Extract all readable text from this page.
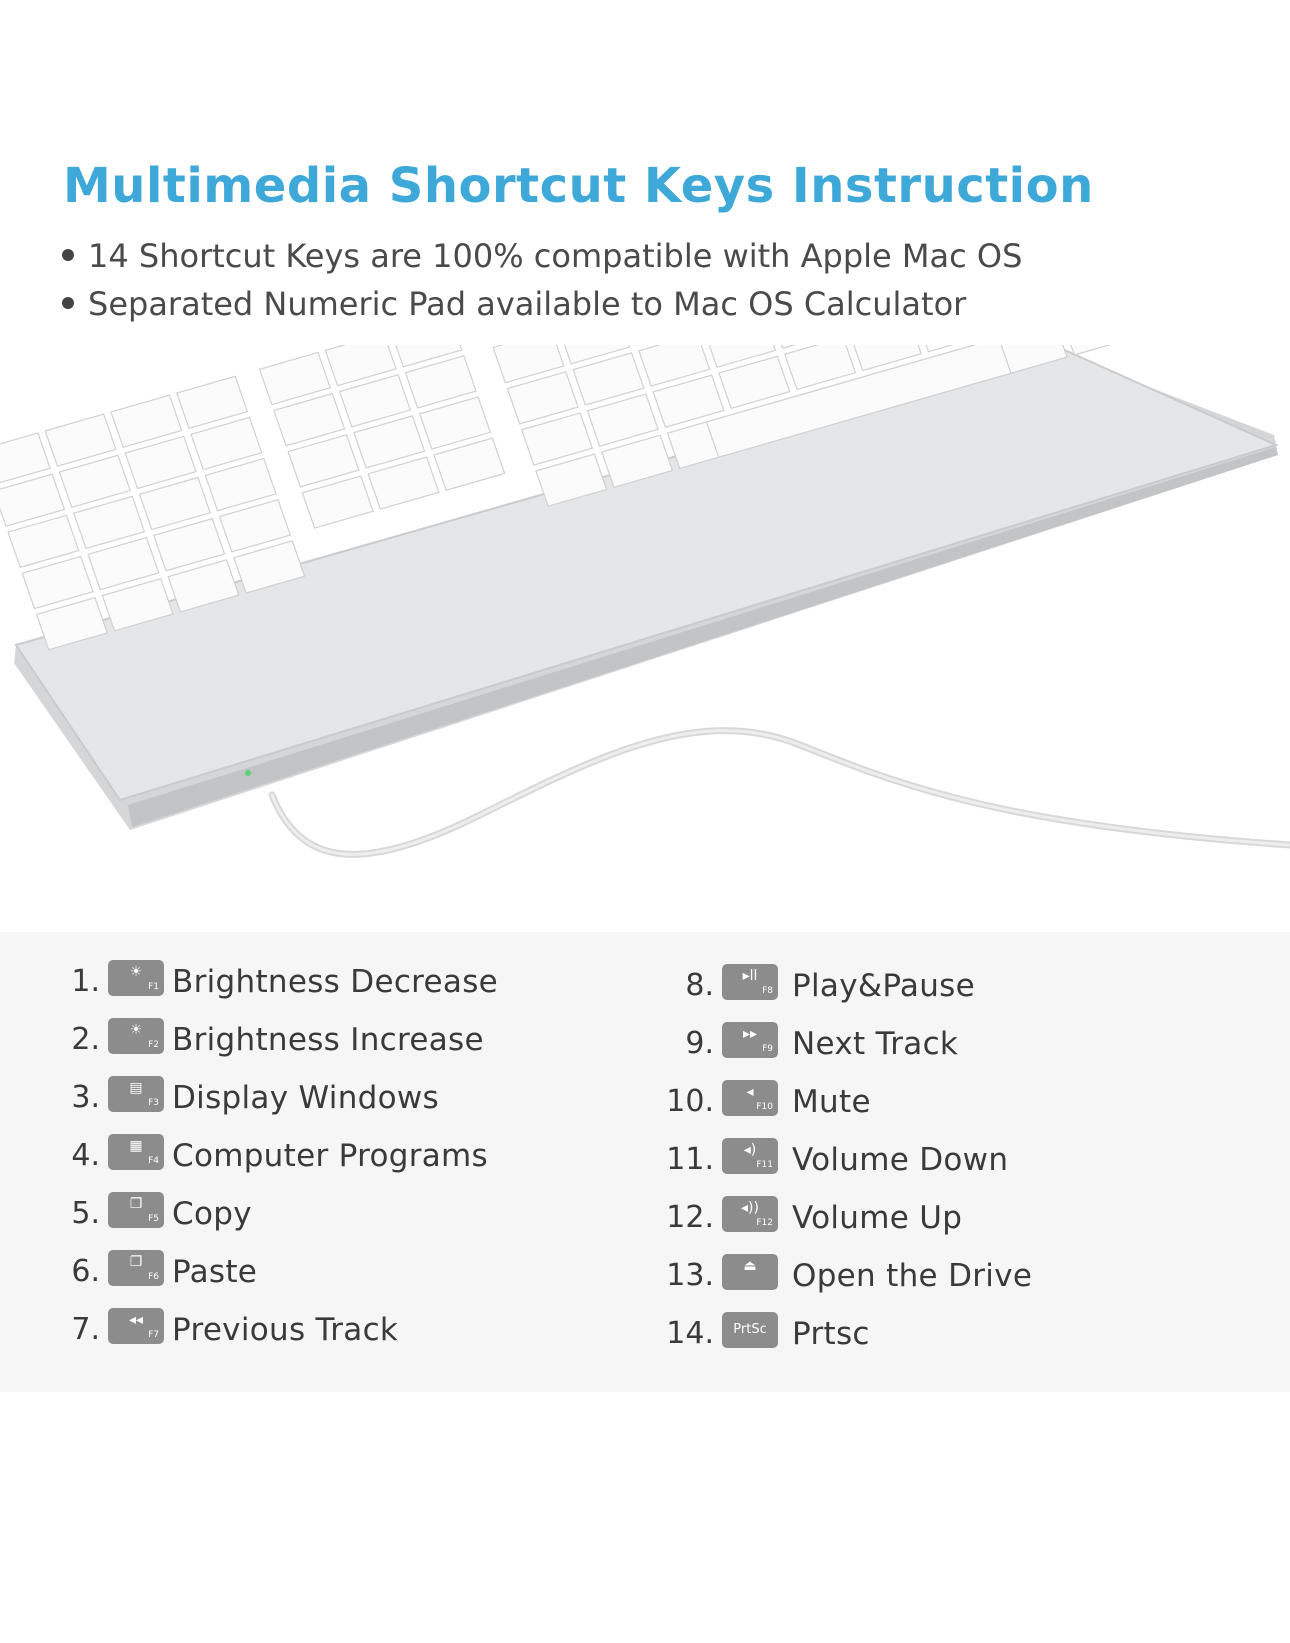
Multimedia Shortcut Keys Instruction
14 Shortcut Keys are 100% compatible with Apple Mac OS
Separated Numeric Pad available to Mac OS Calculator
1.	☀
F1 Brightness Decrease
2.	☀
F2 Brightness Increase
3.	▤
F3 Display Windows
4.	▦
F4 Computer Programs
5.	❐
F5 Copy
6.	❐
F6 Paste
7.	◂◂
F7 Previous Track
8.	▸ll
F8 Play&Pause
9.	▸▸
F9 Next Track
10.	◂
F10 Mute
11.	◂)
F11 Volume Down
12.	◂))
F12 Volume Up
13.	⏏	Open the Drive
14.	PrtSc Prtsc
